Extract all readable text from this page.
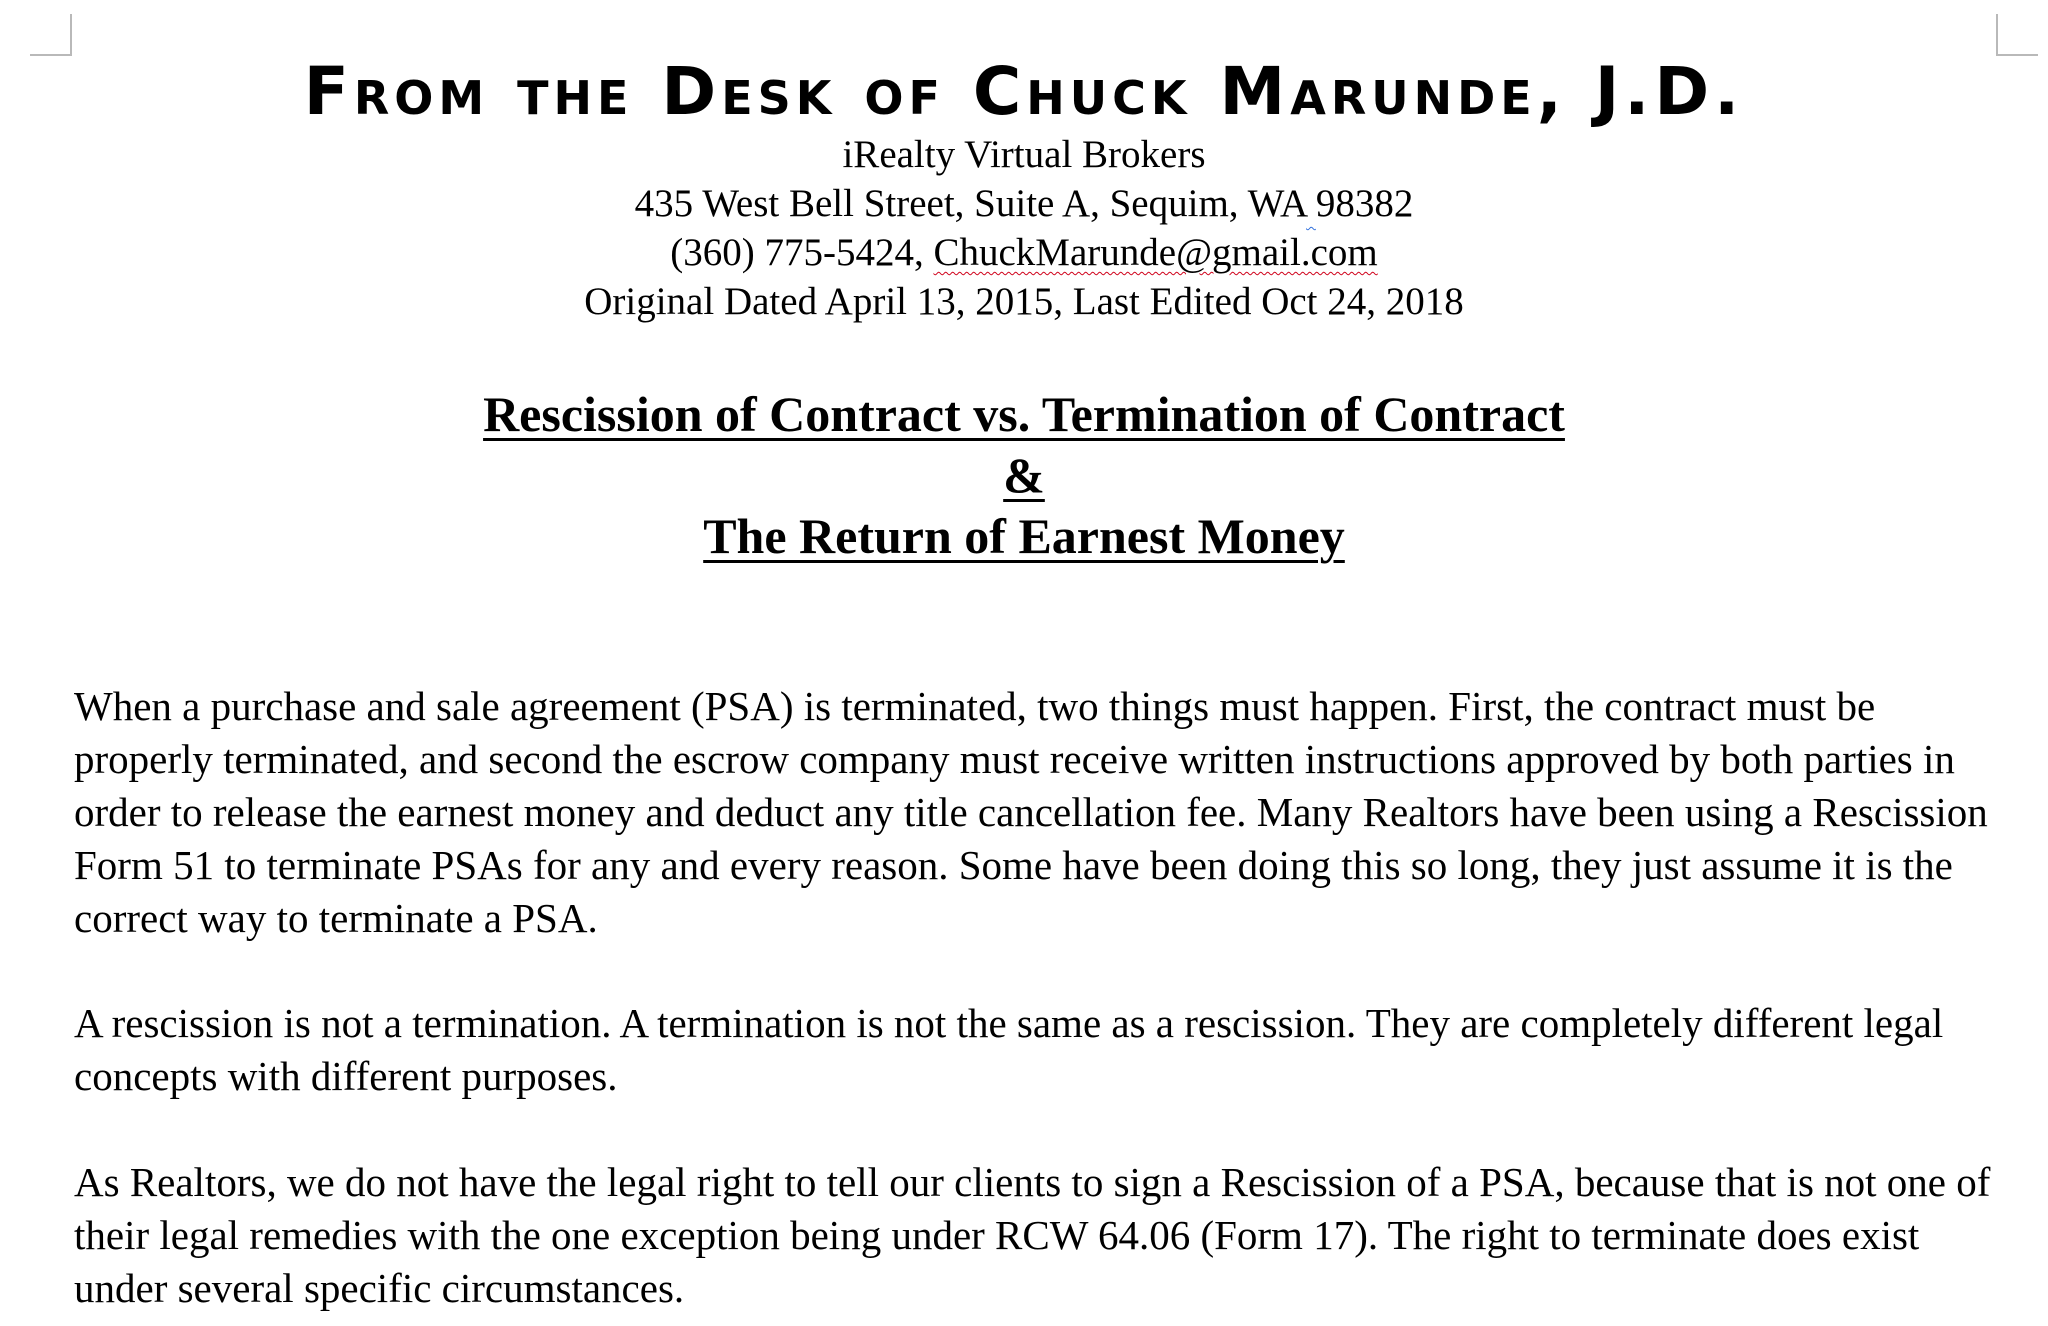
From the Desk of Chuck Marunde, J.D.
iRealty Virtual Brokers
435 West Bell Street, Suite A, Sequim, WA 98382
(360) 775-5424, ChuckMarunde@gmail.com
Original Dated April 13, 2015, Last Edited Oct 24, 2018
Rescission of Contract vs. Termination of Contract
&
The Return of Earnest Money

When a purchase and sale agreement (PSA) is terminated, two things must happen. First, the contract must be properly terminated, and second the escrow company must receive written instructions approved by both parties in order to release the earnest money and deduct any title cancellation fee. Many Realtors have been using a Rescission Form 51 to terminate PSAs for any and every reason. Some have been doing this so long, they just assume it is the correct way to terminate a PSA.

A rescission is not a termination. A termination is not the same as a rescission. They are completely different legal concepts with different purposes.

As Realtors, we do not have the legal right to tell our clients to sign a Rescission of a PSA, because that is not one of their legal remedies with the one exception being under RCW 64.06 (Form 17). The right to terminate does exist under several specific circumstances.
